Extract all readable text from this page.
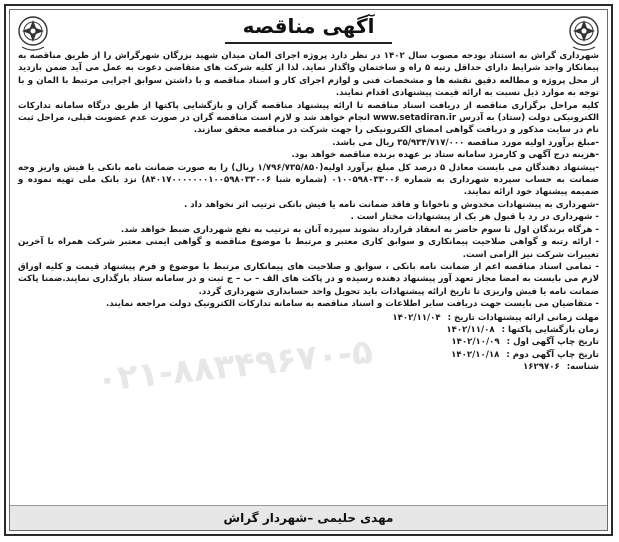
آگهی مناقصه

شهرداری گراش به استناد بودجه مصوب سال ۱۴۰۲ در نظر دارد پروژه اجرای المان میدان شهید بزرگان شهرگراش را از طریق مناقصه به پیمانکار واجد شرایط دارای حداقل رتبه ۵ راه و ساختمان واگذار نماید. لذا از کلیه شرکت های متقاضی دعوت به عمل می آید ضمن بازدید از محل پروژه و مطالعه دقیق نقشه ها و مشخصات فنی و لوازم اجرای کار و اسناد مناقصه و با داشتن سوابق اجرایی مرتبط با المان و با توجه به موارد ذیل نسبت به ارائه قیمت پیشنهادی اقدام نمایند.

کلیه مراحل برگزاری مناقصه از دریافت اسناد مناقصه تا ارائه پیشنهاد مناقصه گران و بازگشایی پاکتها از طریق درگاه سامانه تدارکات الکترونیکی دولت (ستاد) به آدرس www.setadiran.ir انجام خواهد شد و لازم است مناقصه گران در صورت عدم عضویت قبلی، مراحل ثبت نام در سایت مذکور و دریافت گواهی امضای الکترونیکی را جهت شرکت در مناقصه محقق سازند.

-مبلغ برآورد اولیه مورد مناقصه ۳۵/۹۳۴/۷۱۷/۰۰۰ ریال می باشد.

-هزینه درج آگهی و کارمزد سامانه ستاد بر عهده برنده مناقصه خواهد بود.

-پیشنهاد دهندگان می بایست معادل ۵ درصد کل مبلغ برآورد اولیه(۱/۷۹۶/۷۳۵/۸۵۰ ریال) را به صورت ضمانت نامه بانکی یا فیش واریز وجه ضمانت به حساب سپرده شهرداری به شماره ۰۱۰۰۵۹۸۰۳۳۰۰۶ (شماره شبا ۸۴۰۱۷۰۰۰۰۰۰۰۱۰۰۵۹۸۰۳۳۰۰۶) نزد بانک ملی تهیه نموده و ضمیمه پیشنهاد خود ارائه نمایند.

-شهرداری به پیشنهادات مخدوش و ناخوانا و فاقد ضمانت نامه یا فیش بانکی ترتیب اثر نخواهد داد .

- شهرداری در رد یا قبول هر یک از پیشنهادات مختار است .

- هرگاه برندگان اول تا سوم حاضر به انعقاد قرارداد نشوند سپرده آنان به ترتیب به نفع شهرداری ضبط خواهد شد.

- ارائه رتبه و گواهی صلاحیت پیمانکاری و سوابق کاری معتبر و مرتبط با موضوع مناقصه و گواهی ایمنی معتبر شرکت همراه با آخرین تغییرات شرکت نیز الزامی است.

- تمامی اسناد مناقصه اعم از ضمانت نامه بانکی ، سوابق و صلاحیت های پیمانکاری مرتبط با موضوع و فرم پیشنهاد قیمت و کلیه اوراق لازم می بایست به امضا مجاز تعهد آور پیشنهاد دهنده رسیده و در پاکت های الف – ب – ج ثبت و در سامانه ستاد بارگذاری نمایند.ضمنا پاکت ضمانت نامه یا فیش واریزی تا تاریخ ارائه پیشنهادات باید تحویل واحد حسابداری شهرداری گردد.

- متقاضیان می بایست جهت دریافت سایر اطلاعات و اسناد مناقصه به سامانه تدارکات الکترونیک دولت مراجعه نمایند.

مهلت زمانی ارائه پیشنهادات تاریخ : ۱۴۰۲/۱۱/۰۴
زمان بازگشایی پاکتها : ۱۴۰۲/۱۱/۰۸
تاریخ چاپ آگهی اول : ۱۴۰۲/۱۰/۰۹
تاریخ چاپ آگهی دوم : ۱۴۰۲/۱۰/۱۸
شناسه: ۱۶۲۹۷۰۶
۰۲۱-۸۸۳۴۹۶۷۰-۵
مهدی حلیمی –شهردار گراش
